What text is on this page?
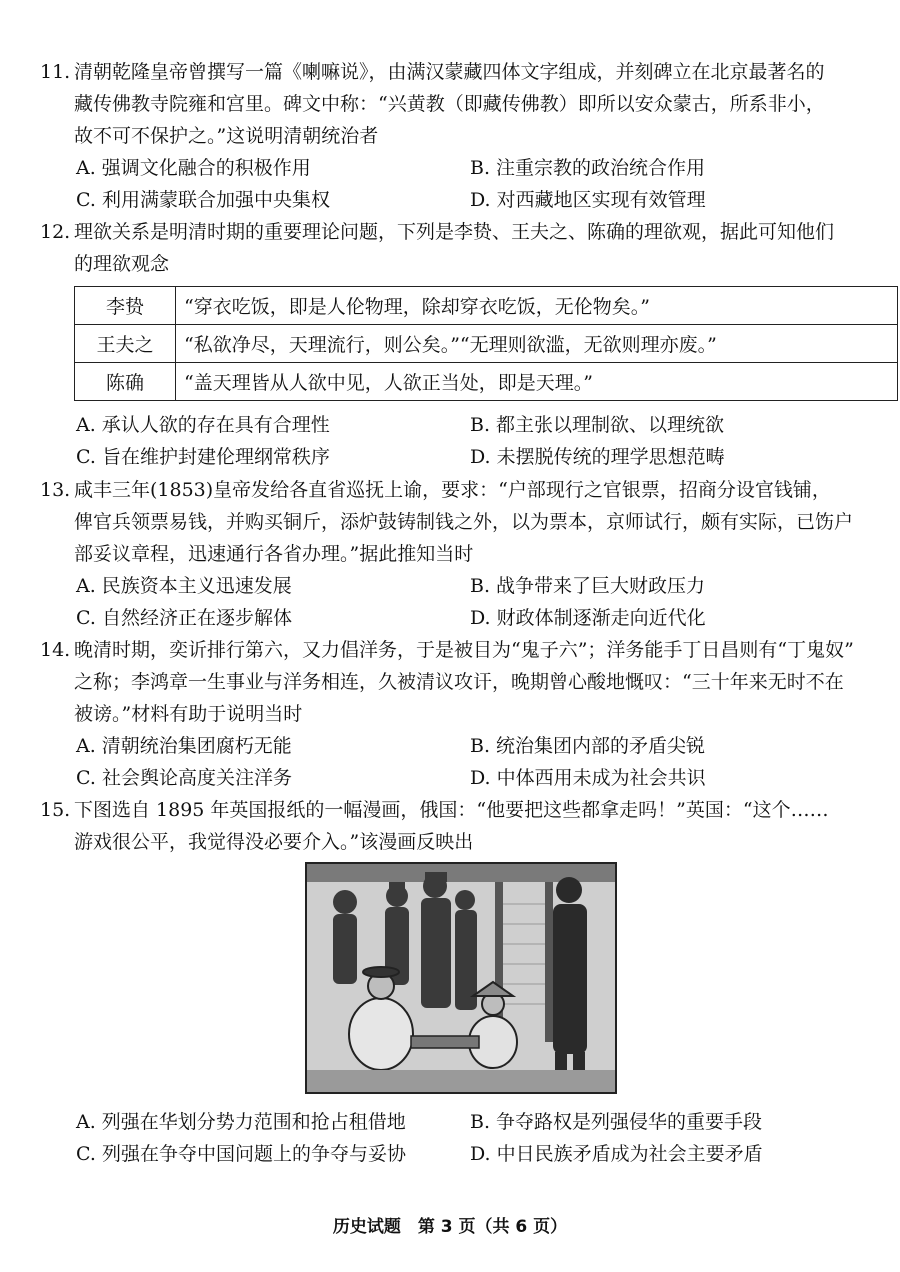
11. 清朝乾隆皇帝曾撰写一篇《喇嘛说》，由满汉蒙藏四体文字组成，并刻碑立在北京最著名的
藏传佛教寺院雍和宫里。碑文中称：“兴黄教（即藏传佛教）即所以安众蒙古，所系非小，
故不可不保护之。”这说明清朝统治者
A. 强调文化融合的积极作用	B. 注重宗教的政治统合作用
C. 利用满蒙联合加强中央集权	D. 对西藏地区实现有效管理
12. 理欲关系是明清时期的重要理论问题，下列是李贽、王夫之、陈确的理欲观，据此可知他们
的理欲观念
李贽	“穿衣吃饭，即是人伦物理，除却穿衣吃饭，无伦物矣。”
王夫之	“私欲净尽，天理流行，则公矣。”“无理则欲滥，无欲则理亦废。”
陈确	“盖天理皆从人欲中见，人欲正当处，即是天理。”
A. 承认人欲的存在具有合理性	B. 都主张以理制欲、以理统欲
C. 旨在维护封建伦理纲常秩序	D. 未摆脱传统的理学思想范畴
13. 咸丰三年(1853)皇帝发给各直省巡抚上谕，要求：“户部现行之官银票，招商分设官钱铺，
俾官兵领票易钱，并购买铜斤，添炉鼓铸制钱之外，以为票本，京师试行，颇有实际，已饬户
部妥议章程，迅速通行各省办理。”据此推知当时
A. 民族资本主义迅速发展	B. 战争带来了巨大财政压力
C. 自然经济正在逐步解体	D. 财政体制逐渐走向近代化
14. 晚清时期，奕䜣排行第六，又力倡洋务，于是被目为“鬼子六”；洋务能手丁日昌则有“丁鬼奴”
之称；李鸿章一生事业与洋务相连，久被清议攻讦，晚期曾心酸地慨叹：“三十年来无时不在
被谤。”材料有助于说明当时
A. 清朝统治集团腐朽无能	B. 统治集团内部的矛盾尖锐
C. 社会舆论高度关注洋务	D. 中体西用未成为社会共识
15. 下图选自 1895 年英国报纸的一幅漫画，俄国：“他要把这些都拿走吗！”英国：“这个……
游戏很公平，我觉得没必要介入。”该漫画反映出
A. 列强在华划分势力范围和抢占租借地	B. 争夺路权是列强侵华的重要手段
C. 列强在争夺中国问题上的争夺与妥协	D. 中日民族矛盾成为社会主要矛盾
历史试题　第 3 页（共 6 页）
